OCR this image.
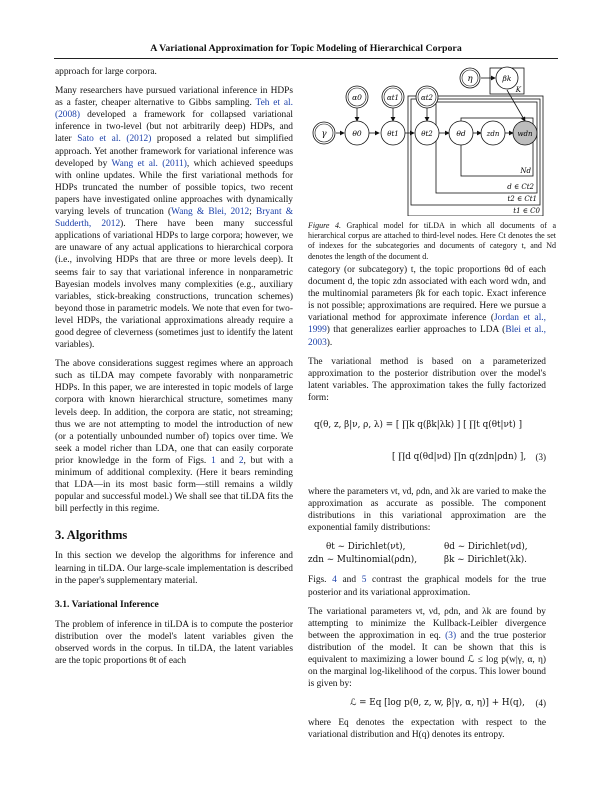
A Variational Approximation for Topic Modeling of Hierarchical Corpora

approach for large corpora.

Many researchers have pursued variational inference in HDPs as a faster, cheaper alternative to Gibbs sampling. Teh et al. (2008) developed a framework for collapsed variational inference in two-level (but not arbitrarily deep) HDPs, and later Sato et al. (2012) proposed a related but simplified approach. Yet another framework for variational inference was developed by Wang et al. (2011), which achieved speedups with online updates. While the first variational methods for HDPs truncated the number of possible topics, two recent papers have investigated online approaches with dynamically varying levels of truncation (Wang & Blei, 2012; Bryant & Sudderth, 2012). There have been many successful applications of variational HDPs to large corpora; however, we are unaware of any actual applications to hierarchical corpora (i.e., involving HDPs that are three or more levels deep). It seems fair to say that variational inference in nonparametric Bayesian models involves many complexities (e.g., auxiliary variables, stick-breaking constructions, truncation schemes) beyond those in parametric models. We note that even for two-level HDPs, the variational approximations already require a good degree of cleverness (sometimes just to identify the latent variables).

The above considerations suggest regimes where an approach such as tiLDA may compete favorably with nonparametric HDPs. In this paper, we are interested in topic models of large corpora with known hierarchical structure, sometimes many levels deep. In addition, the corpora are static, not streaming; thus we are not attempting to model the introduction of new (or a potentially unbounded number of) topics over time. We seek a model richer than LDA, one that can easily corporate prior knowledge in the form of Figs. 1 and 2, but with a minimum of additional complexity. (Here it bears reminding that LDA—in its most basic form—still remains a wildly popular and successful model.) We shall see that tiLDA fits the bill perfectly in this regime.

3. Algorithms

In this section we develop the algorithms for inference and learning in tiLDA. Our large-scale implementation is described in the paper's supplementary material.

3.1. Variational Inference

The problem of inference in tiLDA is to compute the posterior distribution over the model's latent variables given the observed words in the corpus. In tiLDA, the latent variables are the topic proportions θt of each

γ
α0
θ0
αt1
θt1
αt2
θt2	θd	zdn	wdn
η	βk
K
Nd
d ∈ Ct2
t2 ∈ Ct1
t1 ∈ C0
Figure 4. Graphical model for tiLDA in which all documents of a hierarchical corpus are attached to third-level nodes. Here Ct denotes the set of indexes for the subcategories and documents of category t, and Nd denotes the length of the document d.

category (or subcategory) t, the topic proportions θd of each document d, the topic zdn associated with each word wdn, and the multinomial parameters βk for each topic. Exact inference is not possible; approximations are required. Here we pursue a variational method for approximate inference (Jordan et al., 1999) that generalizes earlier approaches to LDA (Blei et al., 2003).

The variational method is based on a parameterized approximation to the posterior distribution over the model's latent variables. The approximation takes the fully factorized form:

q(θ, z, β|ν, ρ, λ) = [ ∏k q(βk|λk) ] [ ∏t q(θt|νt) ]
[ ∏d q(θd|νd) ∏n q(zdn|ρdn) ], (3)

where the parameters νt, νd, ρdn, and λk are varied to make the approximation as accurate as possible. The component distributions in this variational approximation are the exponential family distributions:

θt ∼ Dirichlet(νt),	θd ∼ Dirichlet(νd),
zdn ∼ Multinomial(ρdn),	βk ∼ Dirichlet(λk).

Figs. 4 and 5 contrast the graphical models for the true posterior and its variational approximation.

The variational parameters νt, νd, ρdn, and λk are found by attempting to minimize the Kullback-Leibler divergence between the approximation in eq. (3) and the true posterior distribution of the model. It can be shown that this is equivalent to maximizing a lower bound ℒ ≤ log p(w|γ, α, η) on the marginal log-likelihood of the corpus. This lower bound is given by:

ℒ = Eq [log p(θ, z, w, β|γ, α, η)] + H(q), (4)

where Eq denotes the expectation with respect to the variational distribution and H(q) denotes its entropy.
